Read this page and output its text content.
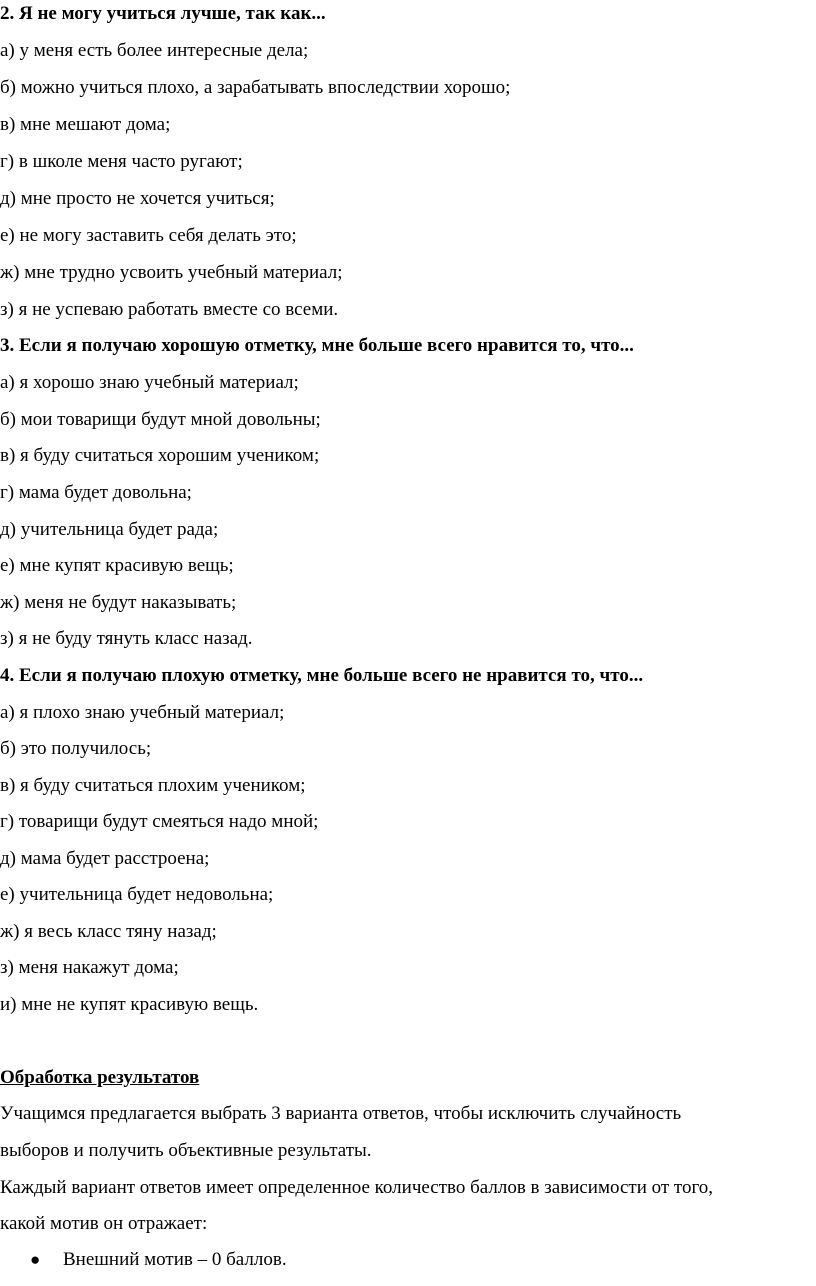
2. Я не могу учиться лучше, так как...
а) у меня есть более интересные дела;
б) можно учиться плохо, а зарабатывать впоследствии хорошо;
в) мне мешают дома;
г) в школе меня часто ругают;
д) мне просто не хочется учиться;
е) не могу заставить себя делать это;
ж) мне трудно усвоить учебный материал;
з) я не успеваю работать вместе со всеми.
3. Если я получаю хорошую отметку, мне больше всего нравится то, что...
а) я хорошо знаю учебный материал;
б) мои товарищи будут мной довольны;
в) я буду считаться хорошим учеником;
г) мама будет довольна;
д) учительница будет рада;
е) мне купят красивую вещь;
ж) меня не будут наказывать;
з) я не буду тянуть класс назад.
4. Если я получаю плохую отметку, мне больше всего не нравится то, что...
а) я плохо знаю учебный материал;
б) это получилось;
в) я буду считаться плохим учеником;
г) товарищи будут смеяться надо мной;
д) мама будет расстроена;
е) учительница будет недовольна;
ж) я весь класс тяну назад;
з) меня накажут дома;
и) мне не купят красивую вещь.
Обработка результатов
Учащимся предлагается выбрать 3 варианта ответов, чтобы исключить случайность
выборов и получить объективные результаты.
Каждый вариант ответов имеет определенное количество баллов в зависимости от того,
какой мотив он отражает:
● Внешний мотив – 0 баллов.
